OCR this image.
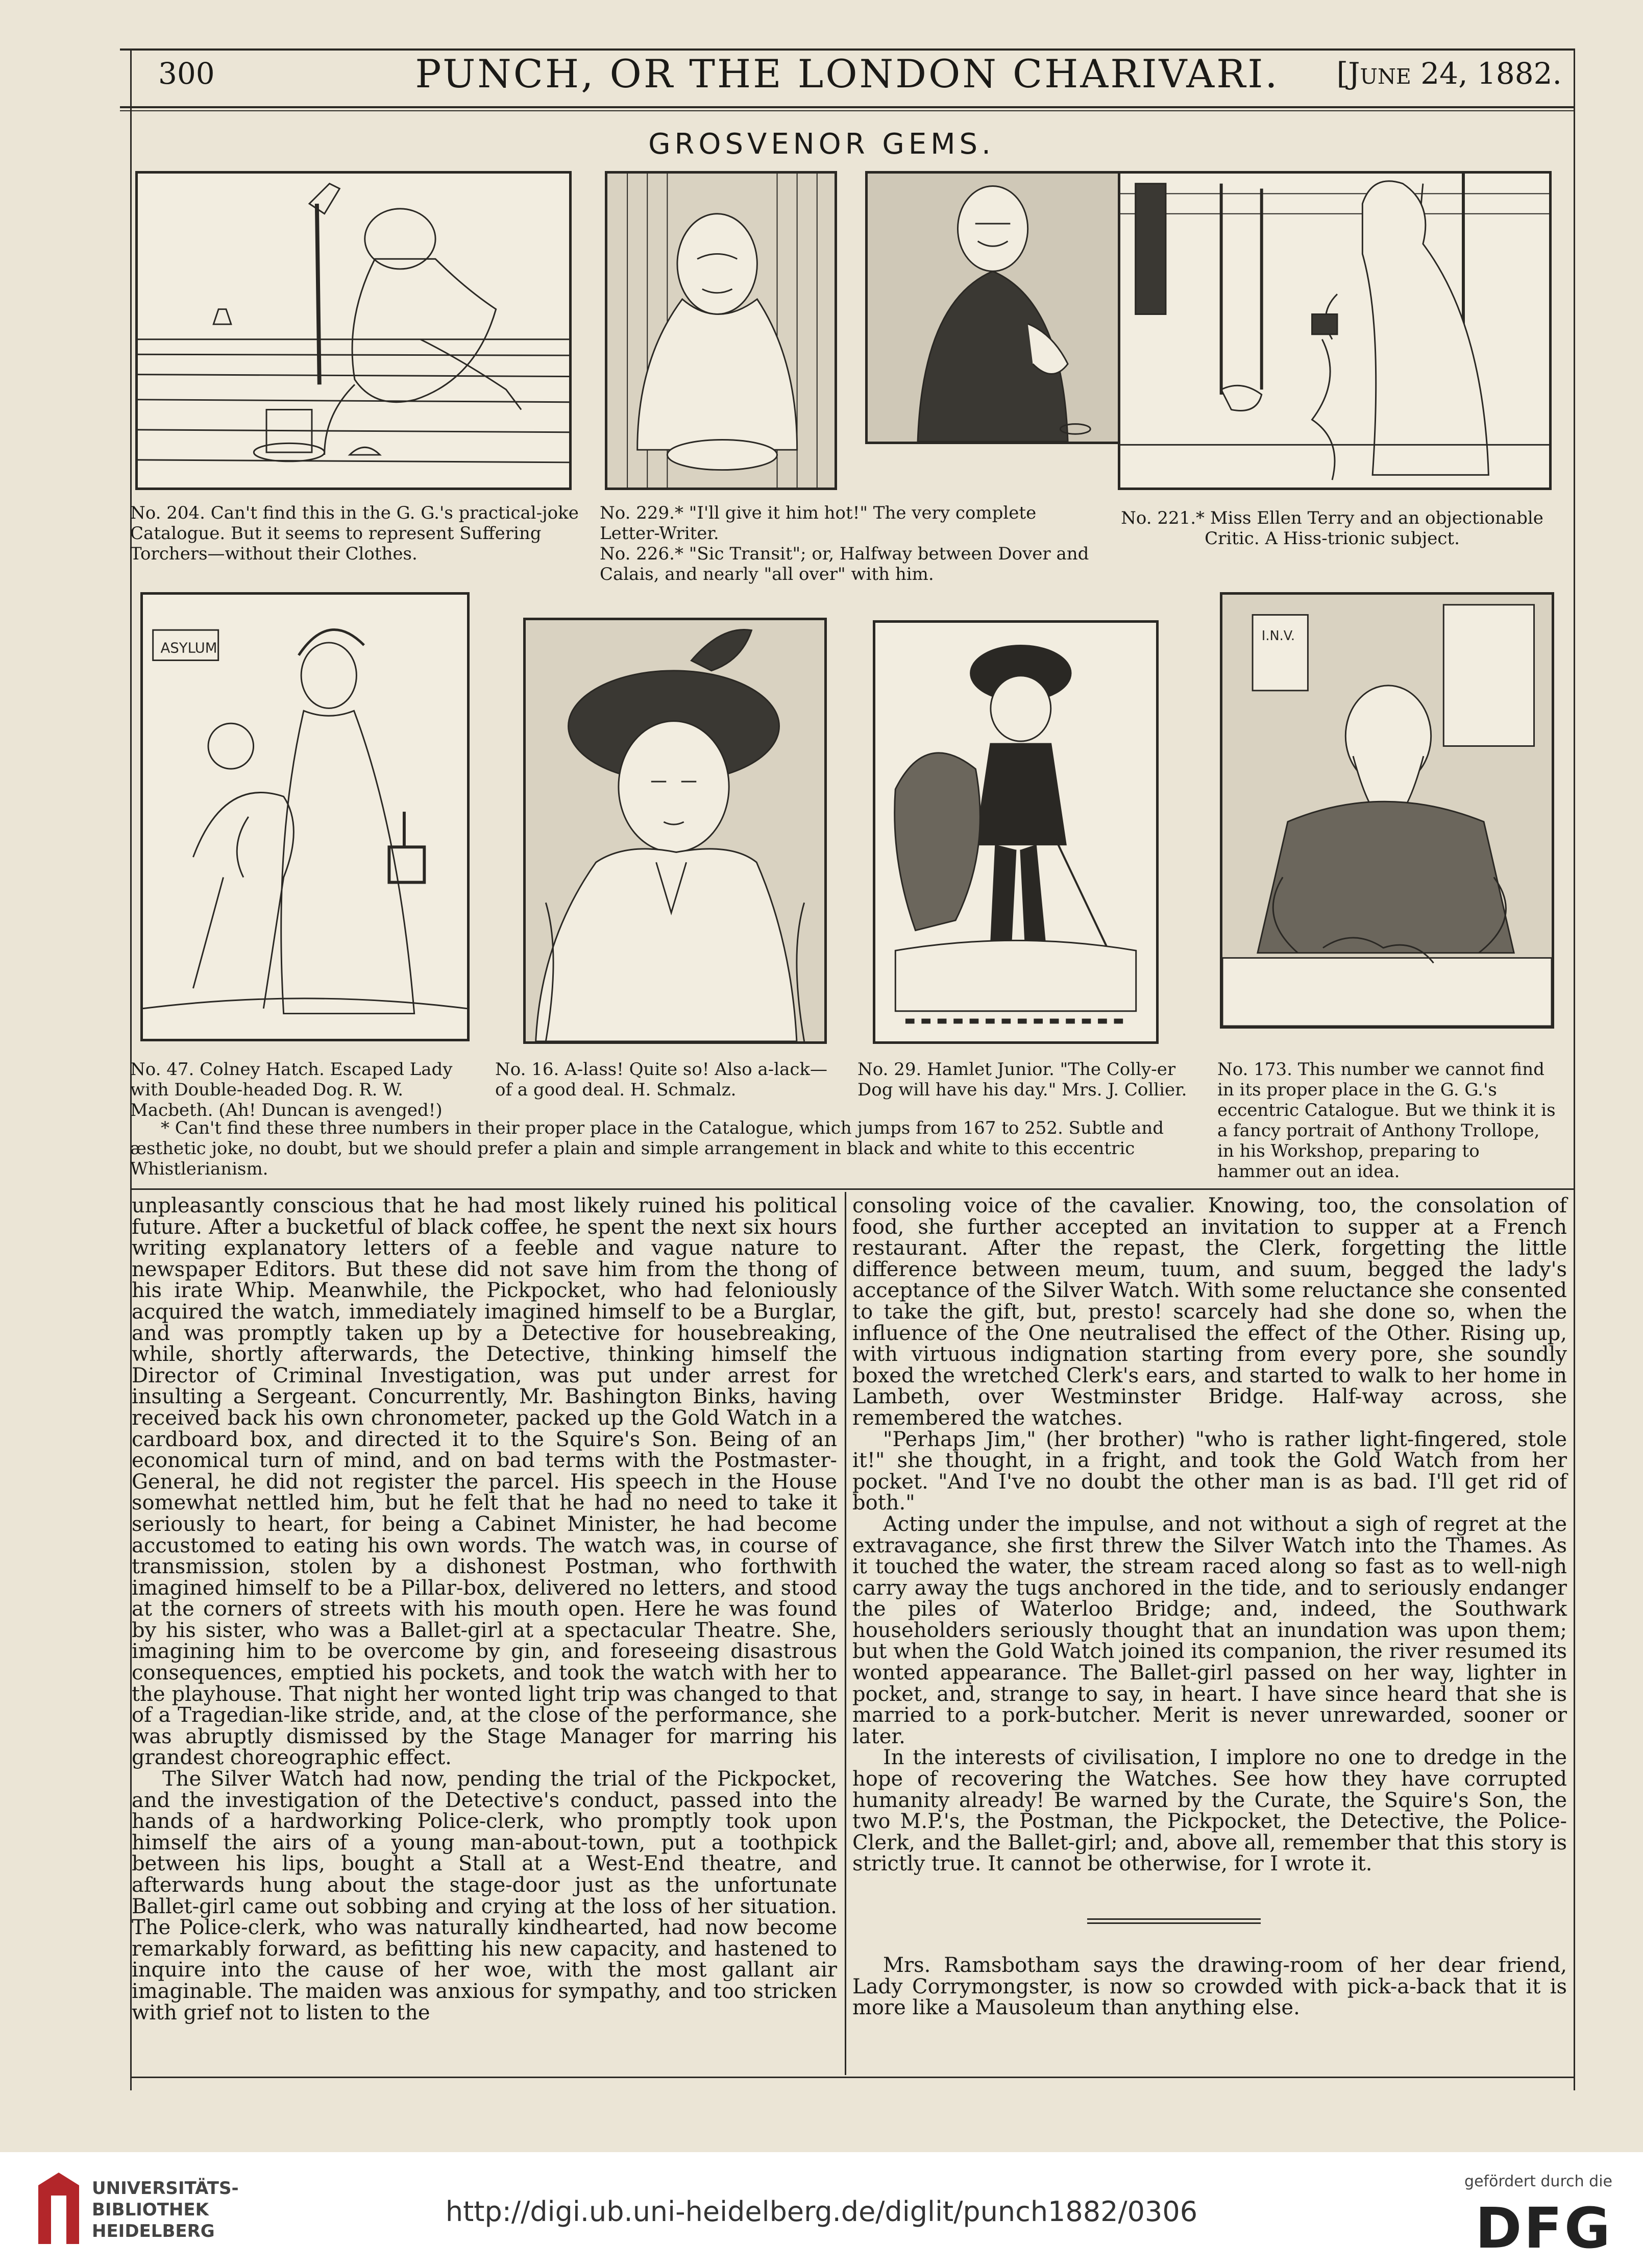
300	PUNCH, OR THE LONDON CHARIVARI.	[June 24, 1882.
GROSVENOR GEMS.
No. 204. Can't find this in the G. G.'s practical-joke Catalogue. But it seems to represent Suffering Torchers—without their Clothes.
No. 229.* "I'll give it him hot!" The very complete Letter-Writer.
No. 226.* "Sic Transit"; or, Halfway between Dover and Calais, and nearly "all over" with him.
No. 221.* Miss Ellen Terry and an objectionable Critic. A Hiss-trionic subject.
ASYLUM
I.N.V.
No. 47. Colney Hatch. Escaped Lady with Double-headed Dog. R. W. Macbeth. (Ah! Duncan is avenged!)
No. 16. A-lass! Quite so! Also a-lack—of a good deal. H. Schmalz.
No. 29. Hamlet Junior. "The Colly-er Dog will have his day." Mrs. J. Collier.
No. 173. This number we cannot find in its proper place in the G. G.'s eccentric Catalogue. But we think it is a fancy portrait of Anthony Trollope, in his Workshop, preparing to hammer out an idea.
* Can't find these three numbers in their proper place in the Catalogue, which jumps from 167 to 252. Subtle and æsthetic joke, no doubt, but we should prefer a plain and simple arrangement in black and white to this eccentric Whistlerianism.

unpleasantly conscious that he had most likely ruined his political future. After a bucketful of black coffee, he spent the next six hours writing explanatory letters of a feeble and vague nature to newspaper Editors. But these did not save him from the thong of his irate Whip. Meanwhile, the Pickpocket, who had feloniously acquired the watch, immediately imagined himself to be a Burglar, and was promptly taken up by a Detective for housebreaking, while, shortly afterwards, the Detective, thinking himself the Director of Criminal Investigation, was put under arrest for insulting a Sergeant. Concurrently, Mr. Bashington Binks, having received back his own chronometer, packed up the Gold Watch in a cardboard box, and directed it to the Squire's Son. Being of an economical turn of mind, and on bad terms with the Postmaster-General, he did not register the parcel. His speech in the House somewhat nettled him, but he felt that he had no need to take it seriously to heart, for being a Cabinet Minister, he had become accustomed to eating his own words. The watch was, in course of transmission, stolen by a dishonest Postman, who forthwith imagined himself to be a Pillar-box, delivered no letters, and stood at the corners of streets with his mouth open. Here he was found by his sister, who was a Ballet-girl at a spectacular Theatre. She, imagining him to be overcome by gin, and foreseeing disastrous consequences, emptied his pockets, and took the watch with her to the playhouse. That night her wonted light trip was changed to that of a Tragedian-like stride, and, at the close of the performance, she was abruptly dismissed by the Stage Manager for marring his grandest choreographic effect.

The Silver Watch had now, pending the trial of the Pickpocket, and the investigation of the Detective's conduct, passed into the hands of a hardworking Police-clerk, who promptly took upon himself the airs of a young man-about-town, put a toothpick between his lips, bought a Stall at a West-End theatre, and afterwards hung about the stage-door just as the unfortunate Ballet-girl came out sobbing and crying at the loss of her situation. The Police-clerk, who was naturally kindhearted, had now become remarkably forward, as befitting his new capacity, and hastened to inquire into the cause of her woe, with the most gallant air imaginable. The maiden was anxious for sympathy, and too stricken with grief not to listen to the

consoling voice of the cavalier. Knowing, too, the consolation of food, she further accepted an invitation to supper at a French restaurant. After the repast, the Clerk, forgetting the little difference between meum, tuum, and suum, begged the lady's acceptance of the Silver Watch. With some reluctance she consented to take the gift, but, presto! scarcely had she done so, when the influence of the One neutralised the effect of the Other. Rising up, with virtuous indignation starting from every pore, she soundly boxed the wretched Clerk's ears, and started to walk to her home in Lambeth, over Westminster Bridge. Half-way across, she remembered the watches.

"Perhaps Jim," (her brother) "who is rather light-fingered, stole it!" she thought, in a fright, and took the Gold Watch from her pocket. "And I've no doubt the other man is as bad. I'll get rid of both."

Acting under the impulse, and not without a sigh of regret at the extravagance, she first threw the Silver Watch into the Thames. As it touched the water, the stream raced along so fast as to well-nigh carry away the tugs anchored in the tide, and to seriously endanger the piles of Waterloo Bridge; and, indeed, the Southwark householders seriously thought that an inundation was upon them; but when the Gold Watch joined its companion, the river resumed its wonted appearance. The Ballet-girl passed on her way, lighter in pocket, and, strange to say, in heart. I have since heard that she is married to a pork-butcher. Merit is never unrewarded, sooner or later.

In the interests of civilisation, I implore no one to dredge in the hope of recovering the Watches. See how they have corrupted humanity already! Be warned by the Curate, the Squire's Son, the two M.P.'s, the Postman, the Pickpocket, the Detective, the Police-Clerk, and the Ballet-girl; and, above all, remember that this story is strictly true. It cannot be otherwise, for I wrote it.

Mrs. Ramsbotham says the drawing-room of her dear friend, Lady Corrymongster, is now so crowded with pick-a-back that it is more like a Mausoleum than anything else.

UNIVERSITÄTS-
BIBLIOTHEK
HEIDELBERG
http://digi.ub.uni-heidelberg.de/diglit/punch1882/0306
gefördert durch die
DFG
